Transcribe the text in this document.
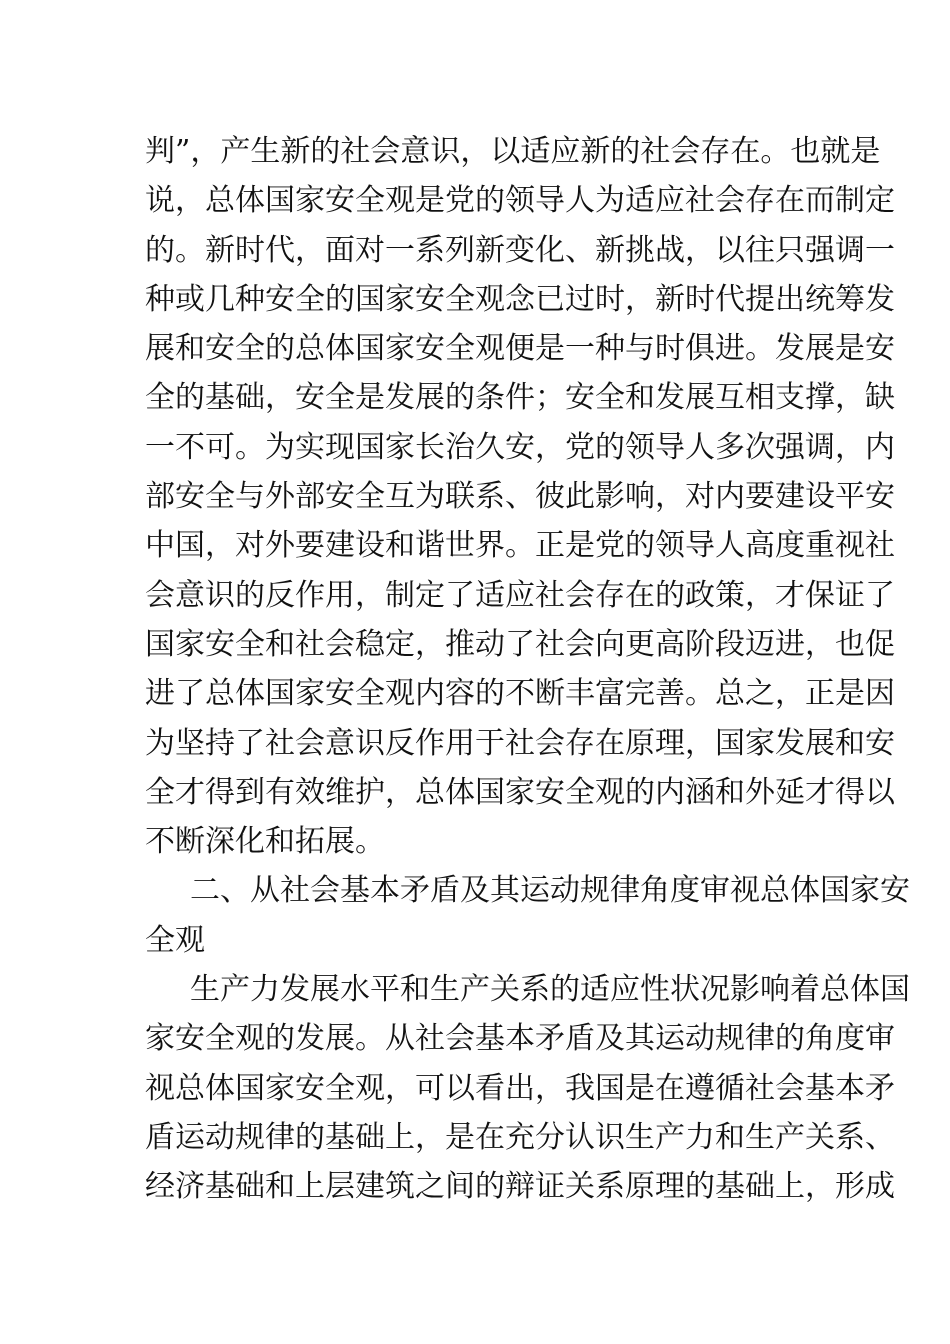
判”，产生新的社会意识，以适应新的社会存在。也就是
说，总体国家安全观是党的领导人为适应社会存在而制定
的。新时代，面对一系列新变化、新挑战，以往只强调一
种或几种安全的国家安全观念已过时，新时代提出统筹发
展和安全的总体国家安全观便是一种与时俱进。发展是安
全的基础，安全是发展的条件；安全和发展互相支撑，缺
一不可。为实现国家长治久安，党的领导人多次强调，内
部安全与外部安全互为联系、彼此影响，对内要建设平安
中国，对外要建设和谐世界。正是党的领导人高度重视社
会意识的反作用，制定了适应社会存在的政策，才保证了
国家安全和社会稳定，推动了社会向更高阶段迈进，也促
进了总体国家安全观内容的不断丰富完善。总之，正是因
为坚持了社会意识反作用于社会存在原理，国家发展和安
全才得到有效维护，总体国家安全观的内涵和外延才得以
不断深化和拓展。
二、从社会基本矛盾及其运动规律角度审视总体国家安
全观
生产力发展水平和生产关系的适应性状况影响着总体国
家安全观的发展。从社会基本矛盾及其运动规律的角度审
视总体国家安全观，可以看出，我国是在遵循社会基本矛
盾运动规律的基础上，是在充分认识生产力和生产关系、
经济基础和上层建筑之间的辩证关系原理的基础上，形成
